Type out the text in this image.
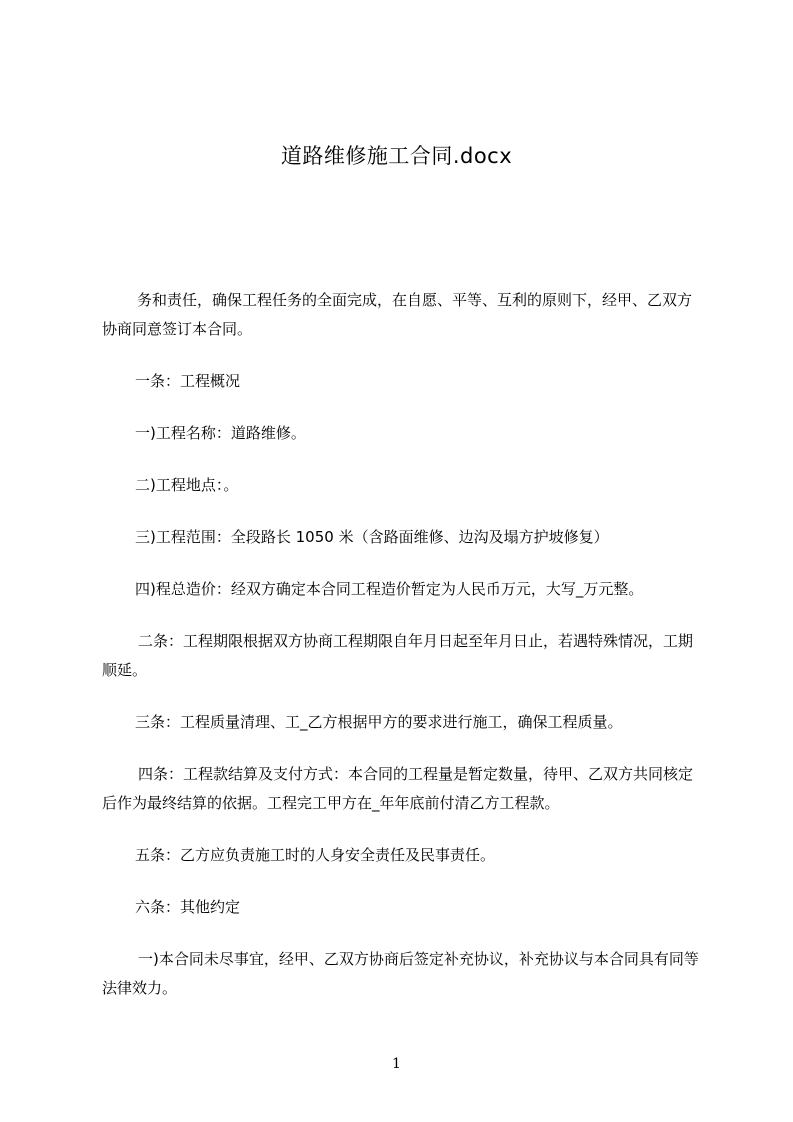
道路维修施工合同.docx

务和责任，确保工程任务的全面完成，在自愿、平等、互利的原则下，经甲、乙双方协商同意签订本合同。

一条：工程概况

一)工程名称：道路维修。

二)工程地点：。

三)工程范围：全段路长 1050 米（含路面维修、边沟及塌方护坡修复）

四)程总造价：经双方确定本合同工程造价暂定为人民币万元，大写_万元整。

二条：工程期限根据双方协商工程期限自年月日起至年月日止，若遇特殊情况，工期顺延。

三条：工程质量清理、工_乙方根据甲方的要求进行施工，确保工程质量。

四条：工程款结算及支付方式：本合同的工程量是暂定数量，待甲、乙双方共同核定后作为最终结算的依据。工程完工甲方在_年年底前付清乙方工程款。

五条：乙方应负责施工时的人身安全责任及民事责任。

六条：其他约定

一)本合同未尽事宜，经甲、乙双方协商后签定补充协议，补充协议与本合同具有同等法律效力。

1
